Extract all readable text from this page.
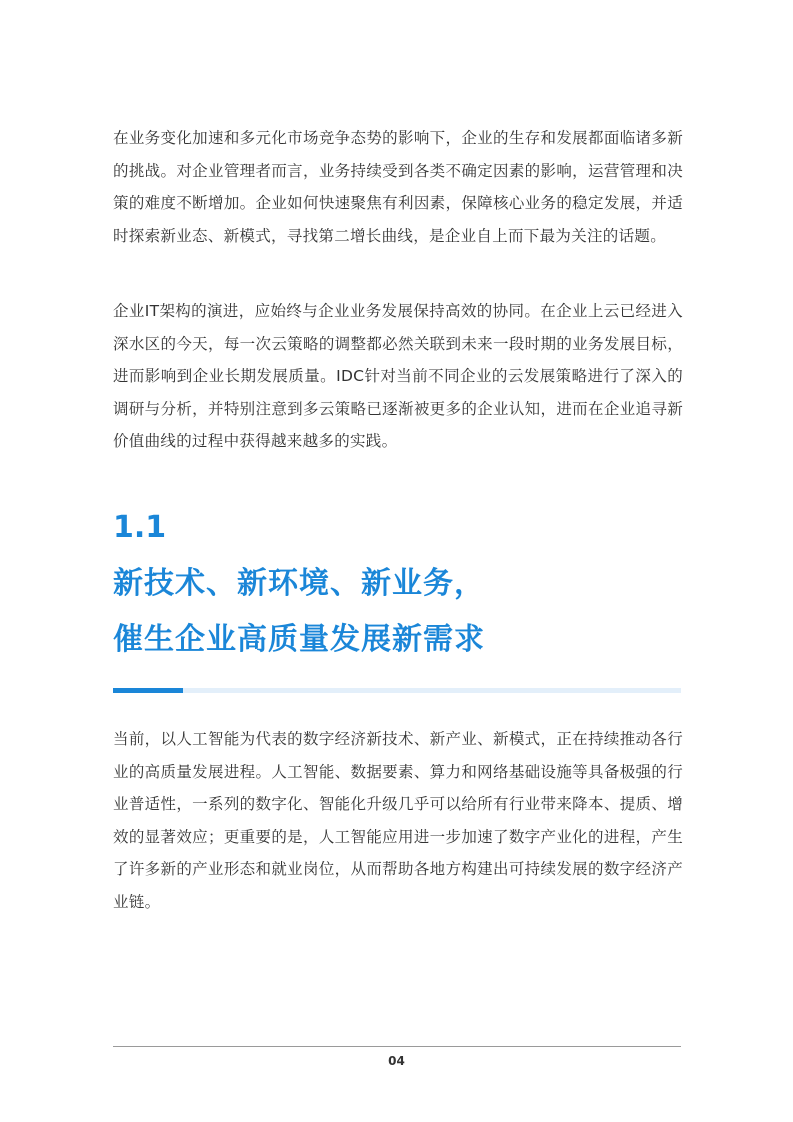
在业务变化加速和多元化市场竞争态势的影响下，企业的生存和发展都面临诸多新的挑战。对企业管理者而言，业务持续受到各类不确定因素的影响，运营管理和决策的难度不断增加。企业如何快速聚焦有利因素，保障核心业务的稳定发展，并适时探索新业态、新模式，寻找第二增长曲线，是企业自上而下最为关注的话题。

企业IT架构的演进，应始终与企业业务发展保持高效的协同。在企业上云已经进入深水区的今天，每一次云策略的调整都必然关联到未来一段时期的业务发展目标，进而影响到企业长期发展质量。IDC针对当前不同企业的云发展策略进行了深入的调研与分析，并特别注意到多云策略已逐渐被更多的企业认知，进而在企业追寻新价值曲线的过程中获得越来越多的实践。

1.1
新技术、新环境、新业务，
催生企业高质量发展新需求

当前，以人工智能为代表的数字经济新技术、新产业、新模式，正在持续推动各行业的高质量发展进程。人工智能、数据要素、算力和网络基础设施等具备极强的行业普适性，一系列的数字化、智能化升级几乎可以给所有行业带来降本、提质、增效的显著效应；更重要的是，人工智能应用进一步加速了数字产业化的进程，产生了许多新的产业形态和就业岗位，从而帮助各地方构建出可持续发展的数字经济产业链。

04
